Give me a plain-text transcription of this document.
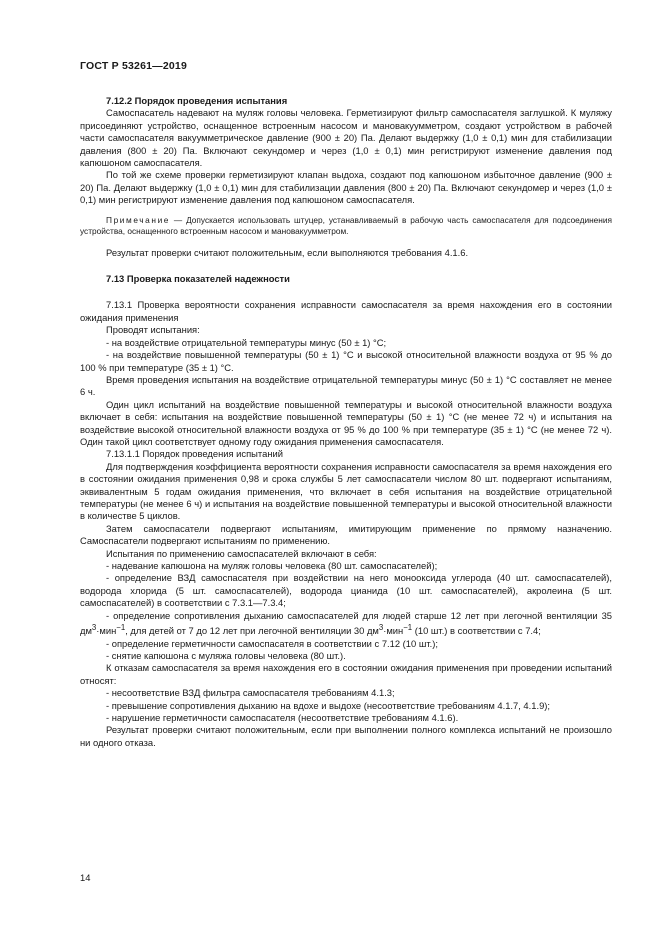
ГОСТ Р 53261—2019

7.12.2 Порядок проведения испытания

Самоспасатель надевают на муляж головы человека. Герметизируют фильтр самоспасателя заглушкой. К муляжу присоединяют устройство, оснащенное встроенным насосом и мановакуумметром, создают устройством в рабочей части самоспасателя вакуумметрическое давление (900 ± 20) Па. Делают выдержку (1,0 ± 0,1) мин для стабилизации давления (800 ± 20) Па. Включают секундомер и через (1,0 ± 0,1) мин регистрируют изменение давления под капюшоном самоспасателя.

По той же схеме проверки герметизируют клапан выдоха, создают под капюшоном избыточное давление (900 ± 20) Па. Делают выдержку (1,0 ± 0,1) мин для стабилизации давления (800 ± 20) Па. Включают секундомер и через (1,0 ± 0,1) мин регистрируют изменение давления под капюшоном самоспасателя.

Примечание — Допускается использовать штуцер, устанавливаемый в рабочую часть самоспасателя для подсоединения устройства, оснащенного встроенным насосом и мановакуумметром.

Результат проверки считают положительным, если выполняются требования 4.1.6.

7.13 Проверка показателей надежности

7.13.1 Проверка вероятности сохранения исправности самоспасателя за время нахождения его в состоянии ожидания применения

Проводят испытания:

- на воздействие отрицательной температуры минус (50 ± 1) °С;

- на воздействие повышенной температуры (50 ± 1) °С и высокой относительной влажности воздуха от 95 % до 100 % при температуре (35 ± 1) °С.

Время проведения испытания на воздействие отрицательной температуры минус (50 ± 1) °С составляет не менее 6 ч.

Один цикл испытаний на воздействие повышенной температуры и высокой относительной влажности воздуха включает в себя: испытания на воздействие повышенной температуры (50 ± 1) °С (не менее 72 ч) и испытания на воздействие высокой относительной влажности воздуха от 95 % до 100 % при температуре (35 ± 1) °С (не менее 72 ч). Один такой цикл соответствует одному году ожидания применения самоспасателя.

7.13.1.1 Порядок проведения испытаний

Для подтверждения коэффициента вероятности сохранения исправности самоспасателя за время нахождения его в состоянии ожидания применения 0,98 и срока службы 5 лет самоспасатели числом 80 шт. подвергают испытаниям, эквивалентным 5 годам ожидания применения, что включает в себя испытания на воздействие отрицательной температуры (не менее 6 ч) и испытания на воздействие повышенной температуры и высокой относительной влажности в количестве 5 циклов.

Затем самоспасатели подвергают испытаниям, имитирующим применение по прямому назначению. Самоспасатели подвергают испытаниям по применению.

Испытания по применению самоспасателей включают в себя:

- надевание капюшона на муляж головы человека (80 шт. самоспасателей);

- определение ВЗД самоспасателя при воздействии на него монооксида углерода (40 шт. самоспасателей), водорода хлорида (5 шт. самоспасателей), водорода цианида (10 шт. самоспасателей), акролеина (5 шт. самоспасателей) в соответствии с 7.3.1—7.3.4;

- определение сопротивления дыханию самоспасателей для людей старше 12 лет при легочной вентиляции 35 $дм^3\cdot мин^{-1}$, для детей от 7 до 12 лет при легочной вентиляции 30 $дм^3\cdot мин^{-1}$ (10 шт.) в соответствии с 7.4;

- определение герметичности самоспасателя в соответствии с 7.12 (10 шт.);

- снятие капюшона с муляжа головы человека (80 шт.).

К отказам самоспасателя за время нахождения его в состоянии ожидания применения при проведении испытаний относят:

- несоответствие ВЗД фильтра самоспасателя требованиям 4.1.3;

- превышение сопротивления дыханию на вдохе и выдохе (несоответствие требованиям 4.1.7, 4.1.9);

- нарушение герметичности самоспасателя (несоответствие требованиям 4.1.6).

Результат проверки считают положительным, если при выполнении полного комплекса испытаний не произошло ни одного отказа.

14
